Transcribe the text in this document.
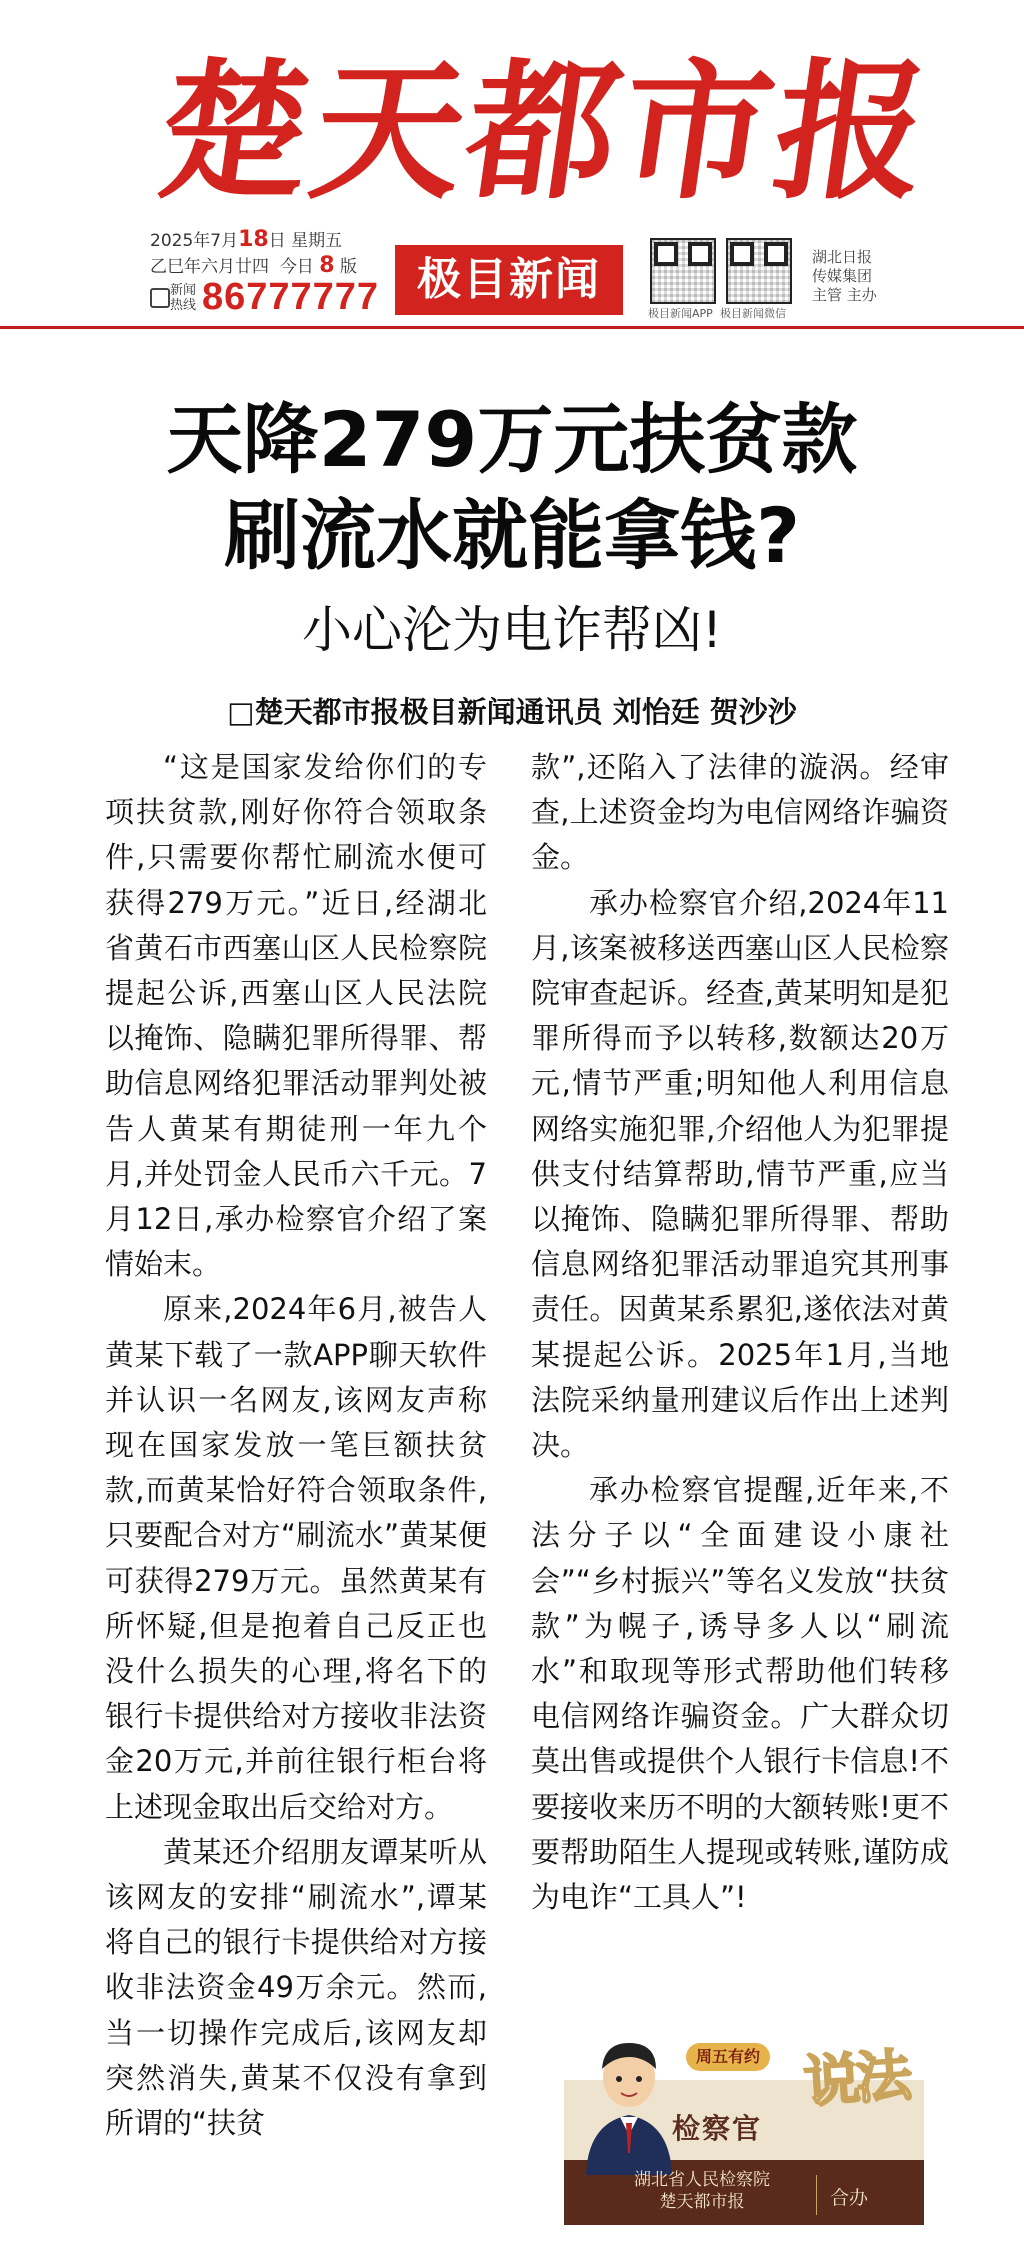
楚天都市报
2025年7月18日 星期五
乙巳年六月廿四 今日 8 版
新闻
热线 86777777 极目新闻
极目新闻APP 极目新闻微信
湖北日报
传媒集团
主管 主办
天降279万元扶贫款
刷流水就能拿钱?
小心沦为电诈帮凶!
□楚天都市报极目新闻通讯员 刘怡廷 贺沙沙

“这是国家发给你们的专项扶贫款,刚好你符合领取条件,只需要你帮忙刷流水便可获得279万元。”近日,经湖北省黄石市西塞山区人民检察院提起公诉,西塞山区人民法院以掩饰、隐瞒犯罪所得罪、帮助信息网络犯罪活动罪判处被告人黄某有期徒刑一年九个月,并处罚金人民币六千元。7月12日,承办检察官介绍了案情始末。

原来,2024年6月,被告人黄某下载了一款APP聊天软件并认识一名网友,该网友声称现在国家发放一笔巨额扶贫款,而黄某恰好符合领取条件,只要配合对方“刷流水”黄某便可获得279万元。虽然黄某有所怀疑,但是抱着自己反正也没什么损失的心理,将名下的银行卡提供给对方接收非法资金20万元,并前往银行柜台将上述现金取出后交给对方。

黄某还介绍朋友谭某听从该网友的安排“刷流水”,谭某将自己的银行卡提供给对方接收非法资金49万余元。然而,当一切操作完成后,该网友却突然消失,黄某不仅没有拿到所谓的“扶贫

款”,还陷入了法律的漩涡。经审查,上述资金均为电信网络诈骗资金。

承办检察官介绍,2024年11月,该案被移送西塞山区人民检察院审查起诉。经查,黄某明知是犯罪所得而予以转移,数额达20万元,情节严重;明知他人利用信息网络实施犯罪,介绍他人为犯罪提供支付结算帮助,情节严重,应当以掩饰、隐瞒犯罪所得罪、帮助信息网络犯罪活动罪追究其刑事责任。因黄某系累犯,遂依法对黄某提起公诉。2025年1月,当地法院采纳量刑建议后作出上述判决。

承办检察官提醒,近年来,不法分子以“全面建设小康社会”“乡村振兴”等名义发放“扶贫款”为幌子,诱导多人以“刷流水”和取现等形式帮助他们转移电信网络诈骗资金。广大群众切莫出售或提供个人银行卡信息!不要接收来历不明的大额转账!更不要帮助陌生人提现或转账,谨防成为电诈“工具人”!

周五有约
检察官
说法
湖北省人民检察院
楚天都市报	合办
